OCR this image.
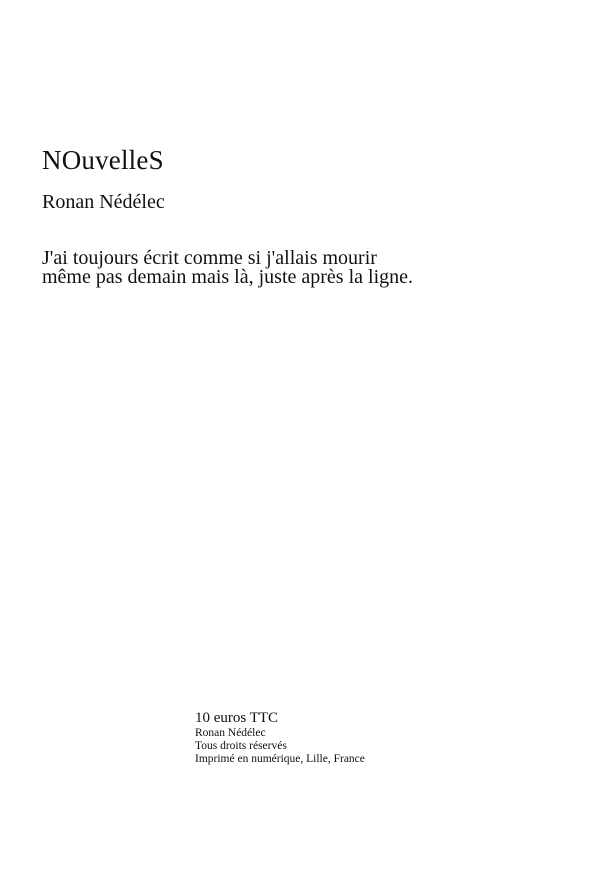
NOuvelleS

Ronan Nédélec

J'ai toujours écrit comme si j'allais mourir
même pas demain mais là, juste après la ligne.

10 euros TTC
Ronan Nédélec
Tous droits réservés
Imprimé en numérique, Lille, France
